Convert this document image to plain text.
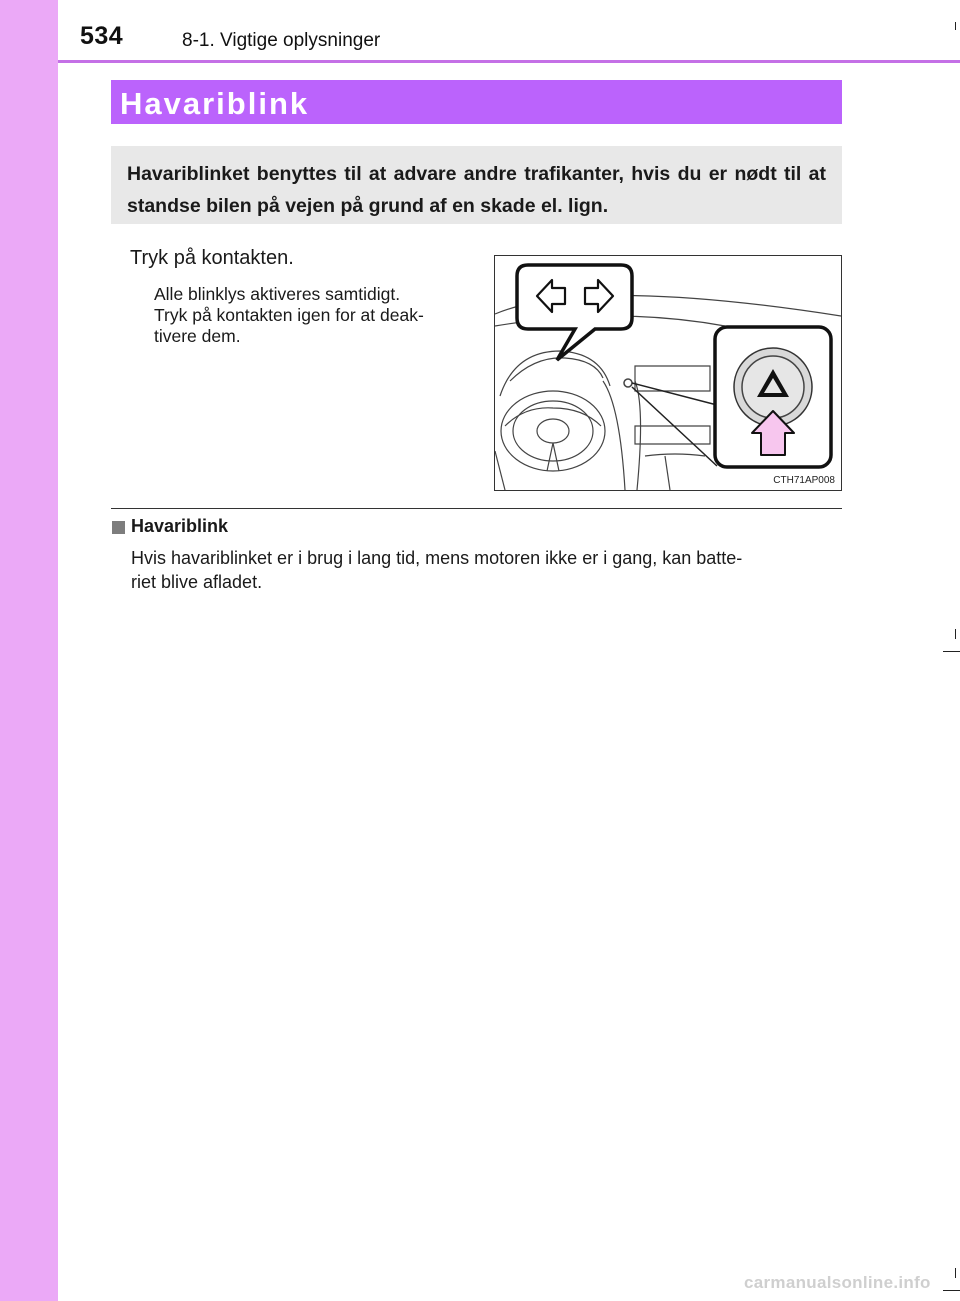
534	8-1. Vigtige oplysninger
Havariblink

Havariblinket benyttes til at advare andre trafikanter, hvis du er nødt til at standse bilen på vejen på grund af en skade el. lign.

Tryk på kontakten.
Alle blinklys aktiveres samtidigt.
Tryk på kontakten igen for at deak-
tivere dem.
CTH71AP008
Havariblink
Hvis havariblinket er i brug i lang tid, mens motoren ikke er i gang, kan batte-
riet blive afladet.
carmanualsonline.info
